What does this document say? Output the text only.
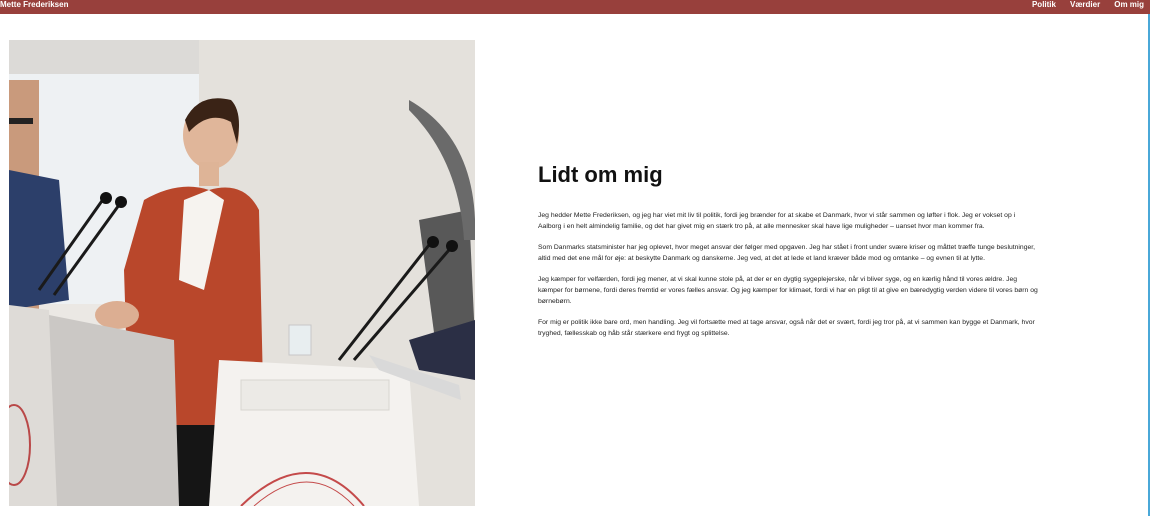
Mette Frederiksen	Politik Værdier Om mig
Lidt om mig

Jeg hedder Mette Frederiksen, og jeg har viet mit liv til politik, fordi jeg brænder for at skabe et Danmark, hvor vi står sammen og løfter i flok. Jeg er vokset op i Aalborg i en helt almindelig familie, og det har givet mig en stærk tro på, at alle mennesker skal have lige muligheder – uanset hvor man kommer fra.

Som Danmarks statsminister har jeg oplevet, hvor meget ansvar der følger med opgaven. Jeg har stået i front under svære kriser og måttet træffe tunge beslutninger, altid med det ene mål for øje: at beskytte Danmark og danskerne. Jeg ved, at det at lede et land kræver både mod og omtanke – og evnen til at lytte.

Jeg kæmper for velfærden, fordi jeg mener, at vi skal kunne stole på, at der er en dygtig sygeplejerske, når vi bliver syge, og en kærlig hånd til vores ældre. Jeg kæmper for børnene, fordi deres fremtid er vores fælles ansvar. Og jeg kæmper for klimaet, fordi vi har en pligt til at give en bæredygtig verden videre til vores børn og børnebørn.

For mig er politik ikke bare ord, men handling. Jeg vil fortsætte med at tage ansvar, også når det er svært, fordi jeg tror på, at vi sammen kan bygge et Danmark, hvor tryghed, fællesskab og håb står stærkere end frygt og splittelse.
